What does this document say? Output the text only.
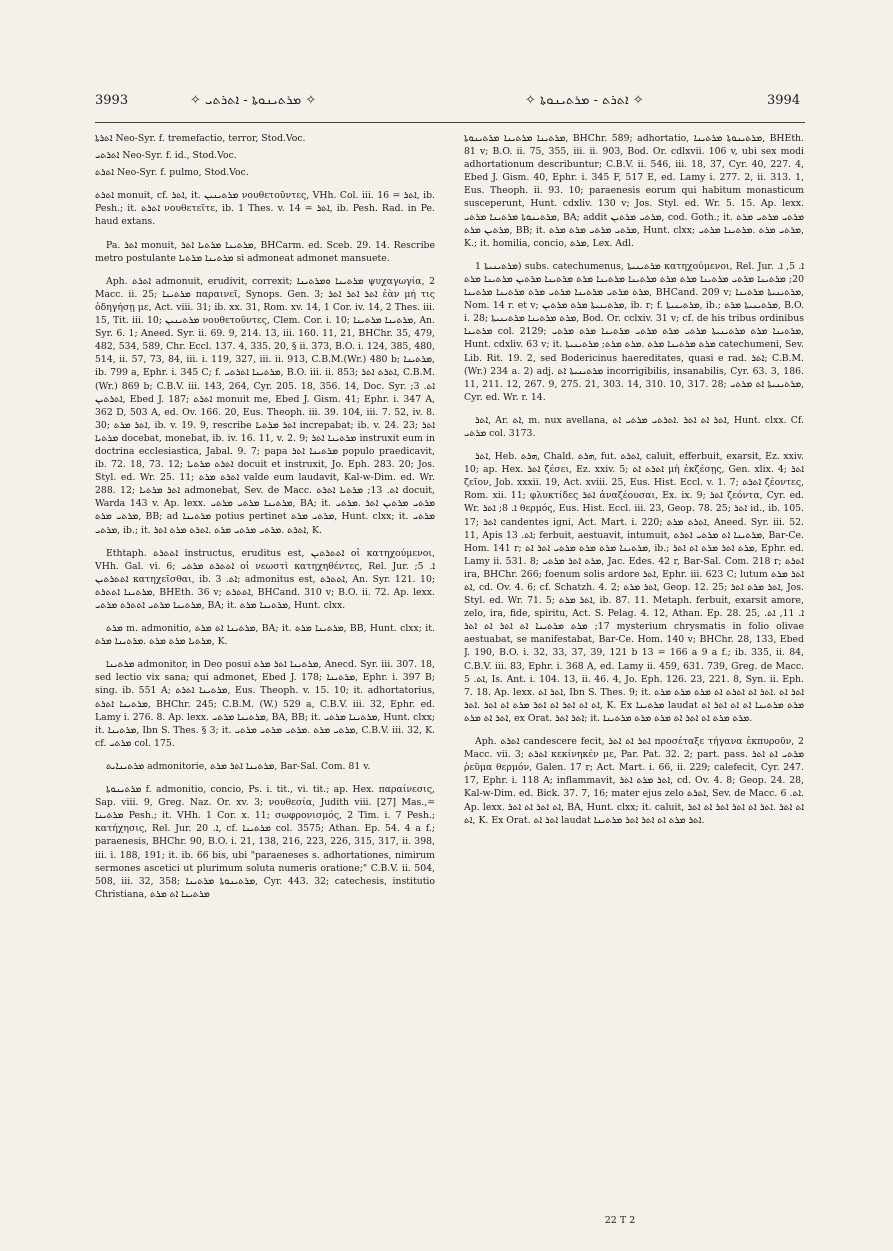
3993	✧ ܡܪܬܝܢܘܬܐ - ܐܬܪܬܝ ✧	✧ ܐܬܪܬ - ܡܪܬܝܢܘܬܐ ✧	3994

ܐܬܪܬܐ Neo-Syr. f. tremefactio, terror, Stod.Voc.

ܐܬܪܬܝ Neo-Syr. f. id., Stod.Voc.

ܐܬܪܬ Neo-Syr. f. pulmo, Stod.Voc.

ܐܬܪܬ monuit, cf. ܐܬܪ, it. ܡܪܬܝܢܝܢ νουθετοῦντες, VHh. Col. iii. 16 = ܐܬܪ, ib. Pesh.; it. ܐܬܪܬ νουθετεῖτε, ib. 1 Thes. v. 14 = ܐܬܪ, ib. Pesh. Rad. in Pe. haud extans.

Pa. ܐܬܪ monuit, ܡܪܬܝܢܐ ܡܪܬܝܐ ܐܬܪ, BHCarm. ed. Sceb. 29. 14. Rescribe metro postulante ܡܪܬܝܢܐ ܡܪܬܝܐ si admoneat admonet mansuete.

Aph. ܐܬܪܬ admonuit, erudivit, correxit; ܡܪܬܝܢܐ ܘܡܪܬܝܢܐ ψυχαγωγία, 2 Macc. ii. 25; ܡܪܬܝܢܐ παραινεῖ, Synops. Gen. 3; ܐܬܪ ܐܬܪ ܐܬܪ ἐὰν μή τις ὁδηγήσῃ με, Act. viii. 31; ib. xx. 31, Rom. xv. 14, 1 Cor. iv. 14, 2 Thes. iii. 15, Tit. iii. 10; ܡܪܬܝܢܝܢ νουθετοῦντες, Clem. Cor. i. 10; ܡܪܬܝܢܐ ܡܪܬܝܢܐ, An. Syr. 6. 1; Aneed. Syr. ii. 69. 9, 214. 13, iii. 160. 11, 21, BHChr. 35, 479, 482, 534, 589, Chr. Eccl. 137. 4, 335. 20, § ii. 373, B.O. i. 124, 385, 480, 514, ii. 57, 73, 84, iii. i. 119, 327, iii. ii. 913, C.B.M.(Wr.) 480 b; ܡܪܬܝܢܐ, ib. 799 a, Ephr. i. 345 C; f. ܡܪܬܝܢܐ ܐܬܪܬܝ, B.O. iii. ii. 853; ܐܬܪܬ ܐܬܪ, C.B.M.(Wr.) 869 b; C.B.V. iii. 143, 264, Cyr. 205. 18, 356. 14, Doc. Syr. ܐܬ. 3; ܐܬܪܬܝܢ, Ebed J. 187; ܐܬܪܬ monuit me, Ebed J. Gism. 41; Ephr. i. 347 A, 362 D, 503 A, ed. Ov. 166. 20, Eus. Theoph. iii. 39. 104, iii. 7. 52, iv. 8. 30; ܐܬܪ ܡܪܬ, ib. v. 19. 9, rescribe ܐܬܪ ܡܪܬܝܐ increpabat; ib. v. 24. 23; ܐܬܪ ܡܪܬܝܐ docebat, monebat, ib. iv. 16. 11, v. 2. 9; ܡܪܬܝܢܐ ܐܬܪ instruxit eum in doctrina ecclesiastica, Jabal. 9. 7; papa ܡܪܬܝܢܐ ܐܬܪ populo praedicavit, ib. 72. 18, 73. 12; ܐܬܪܬ ܡܪܬܝܐ docuit et instruxit, Jo. Eph. 283. 20; Jos. Styl. ed. Wr. 25. 11; ܐܬܪܬ ܡܪܬ valde eum laudavit, Kal-w-Dim. ed. Wr. 288. 12; ܐܬܪ ܡܪܬܝܐ admonebat, Sev. de Macc. ܐܬ. 13; ܡܪܬܝܐ ܐܬܪܬ docuit, Warda 143 v. Ap. lexx. ܡܪܬܝܢܐ ܡܪܬܝ ܡܪܬܝ, BA; it. ܡܪܬܝ ܡܪܬܝܢ ܐܬܪ .ܡܪܬܝ ܡܪܬܝ ܡܪܬ, BB; ad ܡܪܬܝܢܐ potius pertinet ܡܪܬܝ ܡܪܬ, Hunt. clxx; it. ܡܪܬܝ ܡܪܬܝ, ib.; it. ܐܬܪܬ .ܡܪܬܝ ܡܪܬܝ ܡܪܬ .ܐܬܪܬ ܡܪܬ ܐܬܪ, K.

Ethtaph. ܐܬܬܪܬ instructus, eruditus est, ܐܬܬܪܬܝܢ οἱ κατηχούμενοι, VHh. Gal. vi. 6; ܐܬܬܪܬ ܡܪܬܝ οἱ νεωστὶ κατηχηθέντες, Rel. Jur. ܐ. 5; ܐܬܬܪܬܝܢ κατηχεῖσθαι, ib. ܐܬ. 3; admonitus est, ܐܬܬܪܬ, An. Syr. 121. 10; ܡܪܬܝܢܐ ܐܬܬܪܬ, BHEth. 36 v; ܐܬܬܪܬ, BHCand. 310 v; B.O. ii. 72. Ap. lexx. ܡܪܬܝܢܐ ܡܪܬܝ ܐܬܬܪܬ ܡܪܬܝ, BA; it. ܡܪܬܝܢܐ ܡܪܬ, Hunt. clxx.

ܡܪܬ m. admonitio, ܡܪܬܝܢܐ ܐܬ ܡܪܬ, BA; it. ܡܪܬܝܢܐ ܡܪܬ, BB, Hunt. clxx; it. ܡܪܬܝܐ ܡܪܬ ܡܪܬ .ܡܪܬܝܢܐ ܡܪܬ, K.

ܡܪܬܝܢܐ admonitor, in Deo posui ܡܪܬܝܢܐ ܐܬܪ ܡܪܬ, Anecd. Syr. iii. 307. 18, sed lectio vix sana; qui admonet, Ebed J. 178; ܡܪܬܝܢܐ, Ephr. i. 397 B; sing. ib. 551 A; ܡܪܬܝܢܐ ܐܬܪܬ, Eus. Theoph. v. 15. 10; it. adhortatorius, ܡܪܬܝܢܐ ܐܬܪܬ, BHChr. 245; C.B.M. (W.) 529 a, C.B.V. iii. 32, Ephr. ed. Lamy i. 276. 8. Ap. lexx. ܡܪܬܝܢܐ ܡܪܬܝ, BA, BB; it. ܡܪܬܝܢܐ ܡܪܬܝ, Hunt. clxx; it. ܡܪܬܝܢܐ, Ibn S. Thes. § 3; it. ܡܪܬܝ ܡܪܬ .ܡܪܬܝ ܡܪܬܝ ܡܪܬܝ, C.B.V. iii. 32, K. cf. ܡܪܬܝ col. 175.

ܡܪܬܝܢܐܝܬ admonitorie, ܡܪܬܝܢܐ ܐܬܪ ܡܪܬ, Bar-Sal. Com. 81 v.

ܡܪܬܝܢܘܬܐ f. admonitio, concio, Ps. i. tit., vi. tit.; ap. Hex. παραίνεσις, Sap. viii. 9, Greg. Naz. Or. xv. 3; νουθεσία, Judith viii. [27] Mas.,= ܡܪܬܝܢܐ Pesh.; it. VHh. 1 Cor. x. 11; σωφρονισμός, 2 Tim. i. 7 Pesh.; κατήχησις, Rel. Jur. ܐ. 20, cf. ܡܪܬܝܢܐ col. 3575; Athan. Ep. 54. 4 a f.; paraenesis, BHChr. 90, B.O. i. 21, 138, 216, 223, 226, 315, 317, ii. 398, iii. i. 188, 191; it. ib. 66 bis, ubi "paraeneses s. adhortationes, nimirum sermones ascetici ut plurimum soluta numeris oratione;" C.B.V. ii. 504, 508, iii. 32, 358; ܡܪܬܝܢܘܬܐ ܡܪܬܝܢܐ, Cyr. 443. 32; catechesis, institutio Christiana, ܡܪܬܝܢܐ ܐܬ ܡܪܬ

ܡܪܬܝܢܐ ܡܪܬܝܢܐ ܡܪܬܝܢܘܬܐ, BHChr. 589; adhortatio, ܡܪܬܝܢܘܬܐ ܡܪܬܝܢܐ, BHEth. 81 v; B.O. ii. 75, 355, iii. ii. 903, Bod. Or. cdlxvii. 106 v, ubi sex modi adhortationum describuntur; C.B.V. ii. 546, iii. 18, 37, Cyr. 40, 227. 4, Ebed J. Gism. 40, Ephr. i. 345 F, 517 E, ed. Lamy i. 277. 2, ii. 313. 1, Eus. Theoph. ii. 93. 10; paraenesis eorum qui habitum monasticum susceperunt, Hunt. cdxliv. 130 v; Jos. Styl. ed. Wr. 5. 15. Ap. lexx. ܡܪܬܝܢܘܬܐ ܡܪܬܝܢܐ ܡܪܬܝ, BA; addit ܡܪܬܝ ܡܪܬܝܢ, cod. Goth.; it. ܡܪܬܝ ܡܪܬܝ ܡܪܬ ܡܪܬܝܢ ܡܪܬ, BB; it. ܡܪܬܝ ܡܪܬܝ ܡܪܬ ܡܪܬ, Hunt. clxx; ܡܪܬܝ ܡܪܬ .ܡܪܬܝܢܐ ܡܪܬܝ, K.; it. homilia, concio, ܡܪܬ, Lex. Adl.

ܡܪܬܝܢܝܬܐ 1) subs. catechumenus, ܡܪܬܝܢܝܬܐ κατηχούμενοι, Rel. Jur. ܐ. 5, ܐ. 20; ܡܪܬܝܢܐ ܡܪܬܝ ܡܪܬܝܢܐ ܡܪܬ ܡܪܬ ܡܪܬܝܢܐ ܡܪܬܝܢܐ ܡܪܬ ܡܪܬܝܢܐ ܡܪܬܝܢ ܡܪܬܝܢܐ ܡܪܬ ܡܪܬ ܡܪܬܝ ܡܪܬܝܢܐ ܡܪܬܝ ܡܪܬ ܡܪܬܝܢܐ ܡܪܬܝܢܐ, BHCand. 209 v; ܡܪܬܝܢܝܬܐ ܡܪܬܝܢܐ, Nom. 14 r. et v; ܡܪܬܝܢܝܬܐ ܡܪܬ ܡܪܬܝܢ, ib. r; f. ܡܪܬܝܢܝܬܐ, ib.; ܡܪܬܝܢܝܬܐ ܡܪܬ, B.O. i. 28; ܡܪܬ ܡܪܬܝܢܐ ܡܪܬܝܢܝܬܐ, Bod. Or. cclxiv. 31 v; cf. de his tribus ordinibus ܡܪܬܝܢܐ col. 2129; ܡܪܬܝܢܐ ܡܪܬ ܡܪܬܝܢܝܬܐ ܡܪܬܝ ܡܪܬ ܡܪܬܝ ܡܪܬܝܢܐ ܡܪܬ ܡܪܬܝ, Hunt. cdxliv. 63 v; it. ܡܪܬ ܡܪܬܝܢܐ ܡܪܬ .ܡܪܬ ܡܪܬ; ܡܪܬܝܢܝܬܐ catechumeni, Sev. Lib. Rit. 19. 2, sed Bodericinus haereditates, quasi e rad. ܐܬܪ; C.B.M. (Wr.) 234 a. 2) adj. ܡܪܬܝܢܝܬܐ ܐܬ incorrigibilis, insanabilis, Cyr. 63. 3, 186. 11, 211. 12, 267. 9, 275. 21, 303. 14, 310. 10, 317. 28; ܡܪܬܝܢܝܬܐ ܐܬ ܡܪܬܝ, Cyr. ed. Wr. r. 14.

ܐܬܪ, Ar. ܐܬ, m. nux avellana, ܐܬܪ ܐܬ ܐܬܪ .ܐܬܪܬܝ ܡܪܬܝ ܐܬ, Hunt. clxx. Cf. ܡܪܬܝ col. 3173.

ܐܬܪ, Heb. ܗܪܬ, Chald. ܗܪܬ, fut. ܐܬܪܬ, caluit, efferbuit, exarsit, Ez. xxiv. 10; ap. Hex. ܐܬܪ ζέσει, Ez. xxiv. 5; ܐܬܪܬ ܐܬ μὴ ἐκζέσῃς, Gen. xlix. 4; ܐܬܪ ζεῖον, Job. xxxii. 19, Act. xviii. 25, Eus. Hist. Eccl. v. 1. 7; ܐܬܪܬ ζέοντες, Rom. xii. 11; φλυκτίδες ܐܬܪ ἀναζέουσαι, Ex. ix. 9; ܐܬܪ ζεόντα, Cyr. ed. Wr. ܐ. 8; ܐܬܪ θερμός, Eus. Hist. Eccl. iii. 23, Geop. 78. 25; ܐܬܪ id., ib. 105. 17; ܐܬܪ candentes igni, Act. Mart. i. 220; ܐܬܪܬ ܡܪܬ, Aneed. Syr. iii. 52. 11, Apis ܐܬ. 13; ferbuit, aestuavit, intumuit, ܡܪܬܝܢܐ ܐܬ ܡܪܬܝ ܐܬܪܬ, Bar-Ce. Hom. 141 r; ܡܪܬܝܢܐ ܡܪܬ ܡܪܬ ܡܪܬܝ ܐܬܪ ܐܬ, ib.; ܡܪܬ ܐܬܪ ܡܪܬ ܐܬ ܐܬܪ, Ephr. ed. Lamy ii. 531. 8; ܡܪܬ ܐܬܪ ܡܪܬܝ, Jac. Edes. 42 r, Bar-Sal. Com. 218 r; ܐܬܪܬ ira, BHChr. 266; foenum solis ardore ܐܬܪ, Ephr. iii. 623 C; lutum ܐܬܪ ܡܪܬ ܐܬ, cd. Ov. 4. 6; cf. Schatzh. 4. 2; ܐܬܪ ܡܪܬ, Geop. 12. 25; ܐܬܪ ܡܪܬ ܐܬܪ, Jos. Styl. ed. Wr. 71. 5; ܐܬܪ ܡܪܬ, ib. 87. 11. Metaph. ferbuit, exarsit amore, zelo, ira, fide, spiritu, Act. S. Pelag. 4. 12, Athan. Ep. 28. 25, ܐ. 11, ܐܬ. 17; ܡܪܬ ܡܪܬܝܢܐ ܐܬ ܐܬܪ ܐܬ ܐܬܪ mysterium chrysmatis in folio olivae aestuabat, se manifestabat, Bar-Ce. Hom. 140 v; BHChr. 28, 133, Ebed J. 190, B.O. i. 32, 33, 37, 39, 121 b 13 = 166 a 9 a f.; ib. 335, ii. 84, C.B.V. iii. 83, Ephr. i. 368 A, ed. Lamy ii. 459, 631. 739, Greg. de Macc. ܐܬ. 5, Is. Ant. i. 104. 13, ii. 46. 4, Jo. Eph. 126. 23, 221. 8, Syn. ii. Eph. 7. 18. Ap. lexx. ܐܬܪ ܐܬ, Ibn S. Thes. 9; it. ܐܬܪ ܐܬ .ܐܬܪ ܐܬ ܐܬܪܬ ܐܬ ܡܪܬ ܡܪܬ ܡܪܬ ܐܬ ܐܬ ܐܬܪ ܐܬ ܐܬܪ ܡܪܬ ܐܬ ܐܬܪ .ܐܬܪ, K. Ex ܡܪܬܝܢܐ laudat ܡܪܬ ܡܪܬܝܢܐ ܐܬ ܐܬ ܐܬܪ ܐܬ ܐܬܪ ܐܬ ܡܪܬ, ex Orat. ܐܬܪ ܐܬܪ; it. ܡܪܬ ܡܪܬ ܐܬ ܐܬܪ ܐܬ ܡܪܬ ܡܪܬ ܡܪܬܝܢܐ.

Aph. ܐܬܪܬ candescere fecit, ܐܬܪ ܐܬ ܐܬܪ προσέταξε τήγανα ἐκπυροῦν, 2 Macc. vii. 3; ܐܬܪܬ κεκίνηκέν με, Par. Pat. 32. 2; part. pass. ܡܪܬܝ ܐܬ ܐܬܪ ῥεῦμα θερμόν, Galen. 17 r; Act. Mart. i. 66, ii. 229; calefecit, Cyr. 247. 17, Ephr. i. 118 A; inflammavit, ܐܬܪ ܡܪܬ ܐܬܪ, cd. Ov. 4. 8; Geop. 24. 28, Kal-w-Dim. ed. Bick. 37. 7, 16; mater ejus zelo ܐܬܪܬ, Sev. de Macc. ܐܬ. 6. Ap. lexx. ܐܬ ܐܬܪ ܐܬ ܐܬܪ, BA, Hunt. clxx; it. caluit, ܐܬ ܐܬܪ .ܐܬܪ ܐܬ ܐܬܪ ܐܬܪ ܐܬ ܐܬܪ ܐܬ, K. Ex Orat. ܐܬܪ ܐܬ laudat ܐܬܪ ܡܪܬ ܐܬ ܐܬܪ ܐܬܪ ܡܪܬܝܢܐ.

22 T 2
